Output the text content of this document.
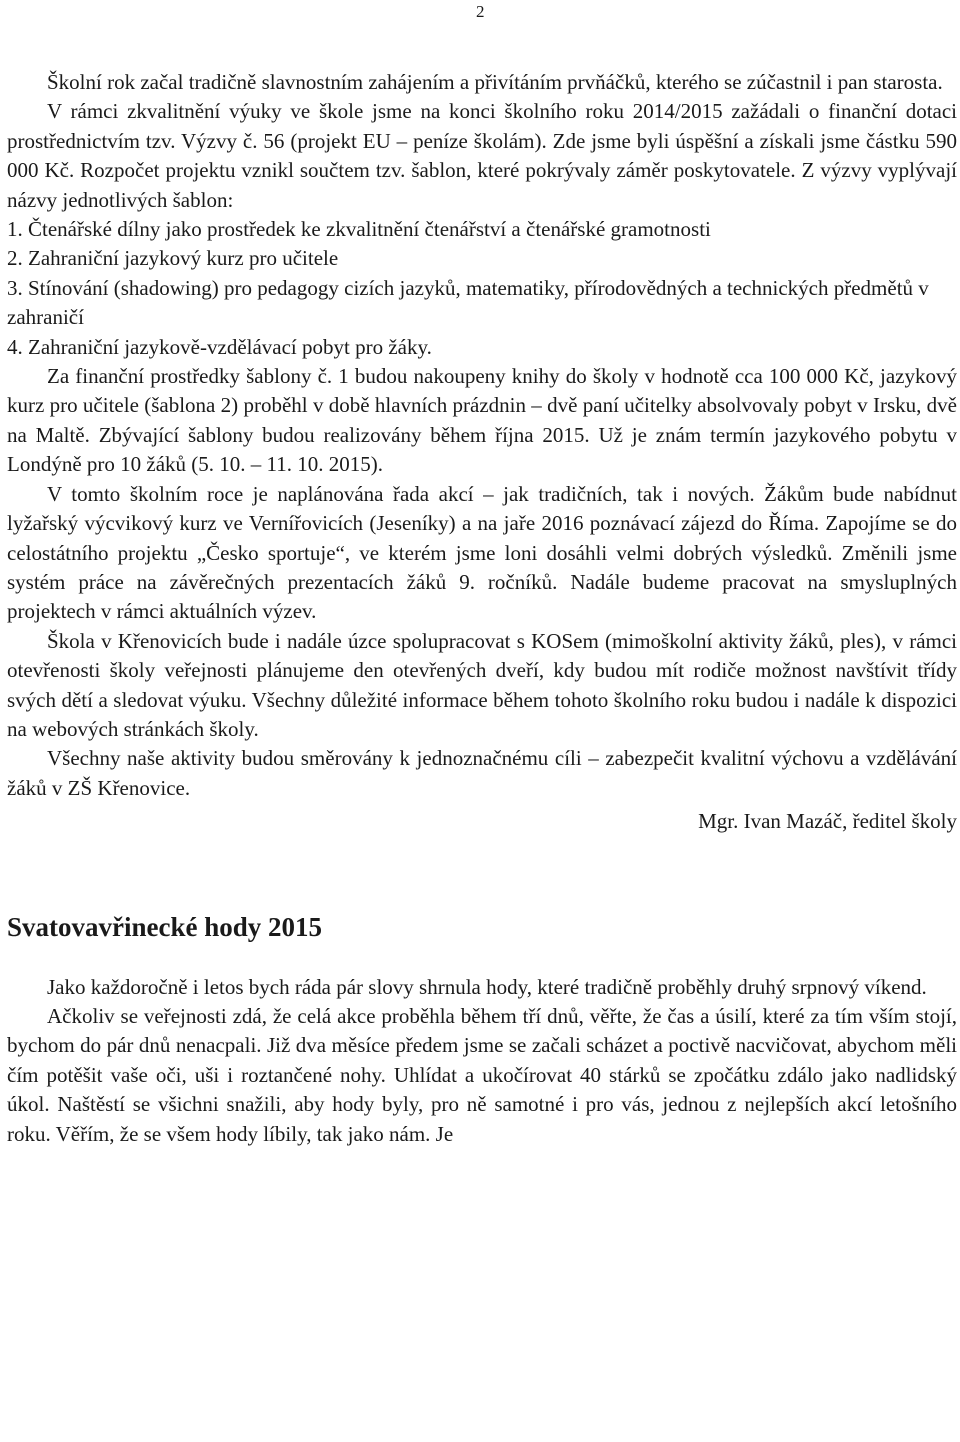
2

Školní rok začal tradičně slavnostním zahájením a přivítáním prvňáčků, kterého se zúčastnil i pan starosta.

V rámci zkvalitnění výuky ve škole jsme na konci školního roku 2014/2015 zažádali o finanční dotaci prostřednictvím tzv. Výzvy č. 56 (projekt EU – peníze školám). Zde jsme byli úspěšní a získali jsme částku 590 000 Kč. Rozpočet projektu vznikl součtem tzv. šablon, které pokrývaly záměr poskytovatele. Z výzvy vyplývají názvy jednotlivých šablon:

1. Čtenářské dílny jako prostředek ke zkvalitnění čtenářství a čtenářské gramotnosti

2. Zahraniční jazykový kurz pro učitele

3. Stínování (shadowing) pro pedagogy cizích jazyků, matematiky, přírodovědných a technických předmětů v zahraničí

4. Zahraniční jazykově-vzdělávací pobyt pro žáky.

Za finanční prostředky šablony č. 1 budou nakoupeny knihy do školy v hodnotě cca 100 000 Kč, jazykový kurz pro učitele (šablona 2) proběhl v době hlavních prázdnin – dvě paní učitelky absolvovaly pobyt v Irsku, dvě na Maltě. Zbývající šablony budou realizovány během října 2015. Už je znám termín jazykového pobytu v Londýně pro 10 žáků (5. 10. – 11. 10. 2015).

V tomto školním roce je naplánována řada akcí – jak tradičních, tak i nových. Žákům bude nabídnut lyžařský výcvikový kurz ve Vernířovicích (Jeseníky) a na jaře 2016 poznávací zájezd do Říma. Zapojíme se do celostátního projektu „Česko sportuje“, ve kterém jsme loni dosáhli velmi dobrých výsledků. Změnili jsme systém práce na závěrečných prezentacích žáků 9. ročníků. Nadále budeme pracovat na smysluplných projektech v rámci aktuálních výzev.

Škola v Křenovicích bude i nadále úzce spolupracovat s KOSem (mimoškolní aktivity žáků, ples), v rámci otevřenosti školy veřejnosti plánujeme den otevřených dveří, kdy budou mít rodiče možnost navštívit třídy svých dětí a sledovat výuku. Všechny důležité informace během tohoto školního roku budou i nadále k dispozici na webových stránkách školy.

Všechny naše aktivity budou směrovány k jednoznačnému cíli – zabezpečit kvalitní výchovu a vzdělávání žáků v ZŠ Křenovice.

Mgr. Ivan Mazáč, ředitel školy

Svatovavřinecké hody 2015

Jako každoročně i letos bych ráda pár slovy shrnula hody, které tradičně proběhly druhý srpnový víkend.

Ačkoliv se veřejnosti zdá, že celá akce proběhla během tří dnů, věřte, že čas a úsilí, které za tím vším stojí, bychom do pár dnů nenacpali. Již dva měsíce předem jsme se začali scházet a poctivě nacvičovat, abychom měli čím potěšit vaše oči, uši i roztančené nohy. Uhlídat a ukočírovat 40 stárků se zpočátku zdálo jako nadlidský úkol. Naštěstí se všichni snažili, aby hody byly, pro ně samotné i pro vás, jednou z nejlepších akcí letošního roku. Věřím, že se všem hody líbily, tak jako nám. Je
